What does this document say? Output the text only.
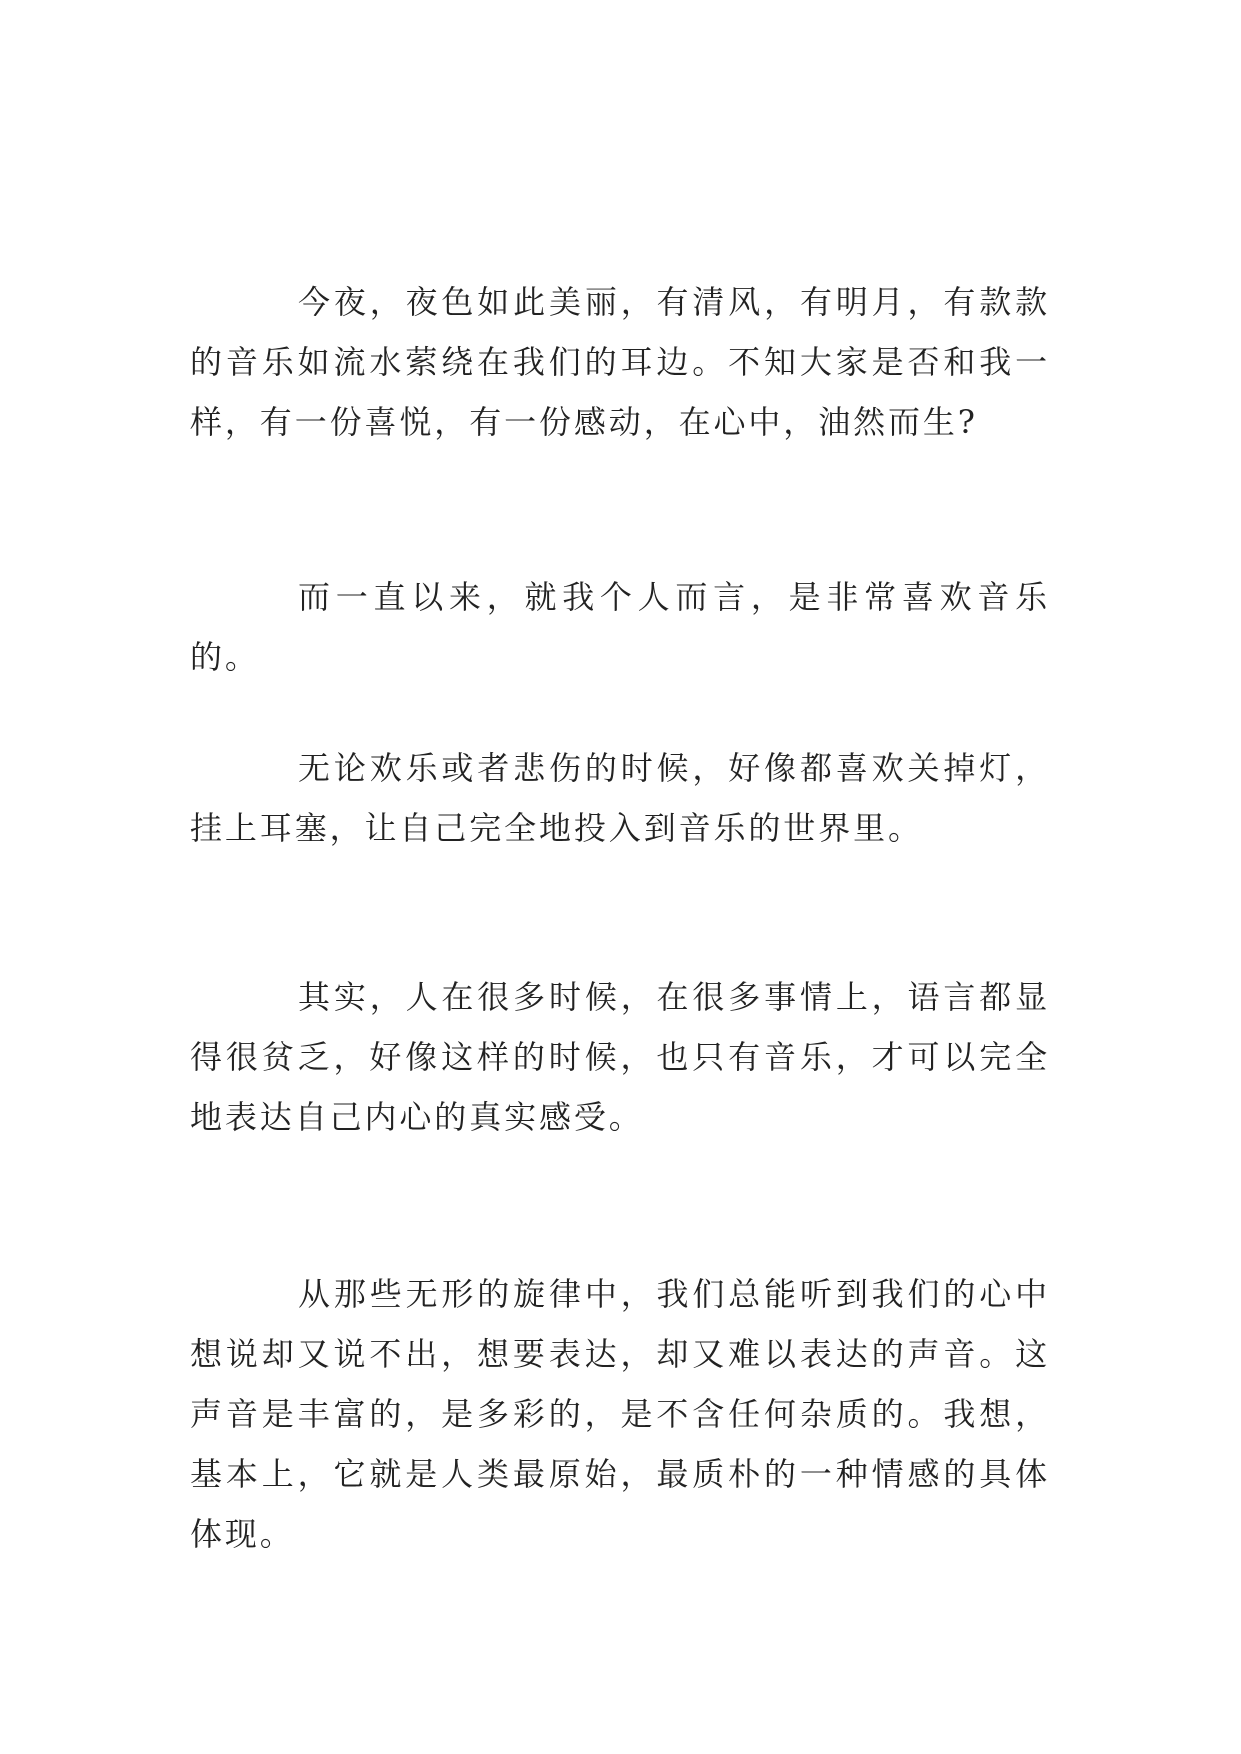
今夜，夜色如此美丽，有清风，有明月，有款款的音乐如流水萦绕在我们的耳边。不知大家是否和我一样，有一份喜悦，有一份感动，在心中，油然而生?

而一直以来，就我个人而言，是非常喜欢音乐的。

无论欢乐或者悲伤的时候，好像都喜欢关掉灯，挂上耳塞，让自己完全地投入到音乐的世界里。

其实，人在很多时候，在很多事情上，语言都显得很贫乏，好像这样的时候，也只有音乐，才可以完全地表达自己内心的真实感受。

从那些无形的旋律中，我们总能听到我们的心中想说却又说不出，想要表达，却又难以表达的声音。这声音是丰富的，是多彩的，是不含任何杂质的。我想，基本上，它就是人类最原始，最质朴的一种情感的具体体现。
